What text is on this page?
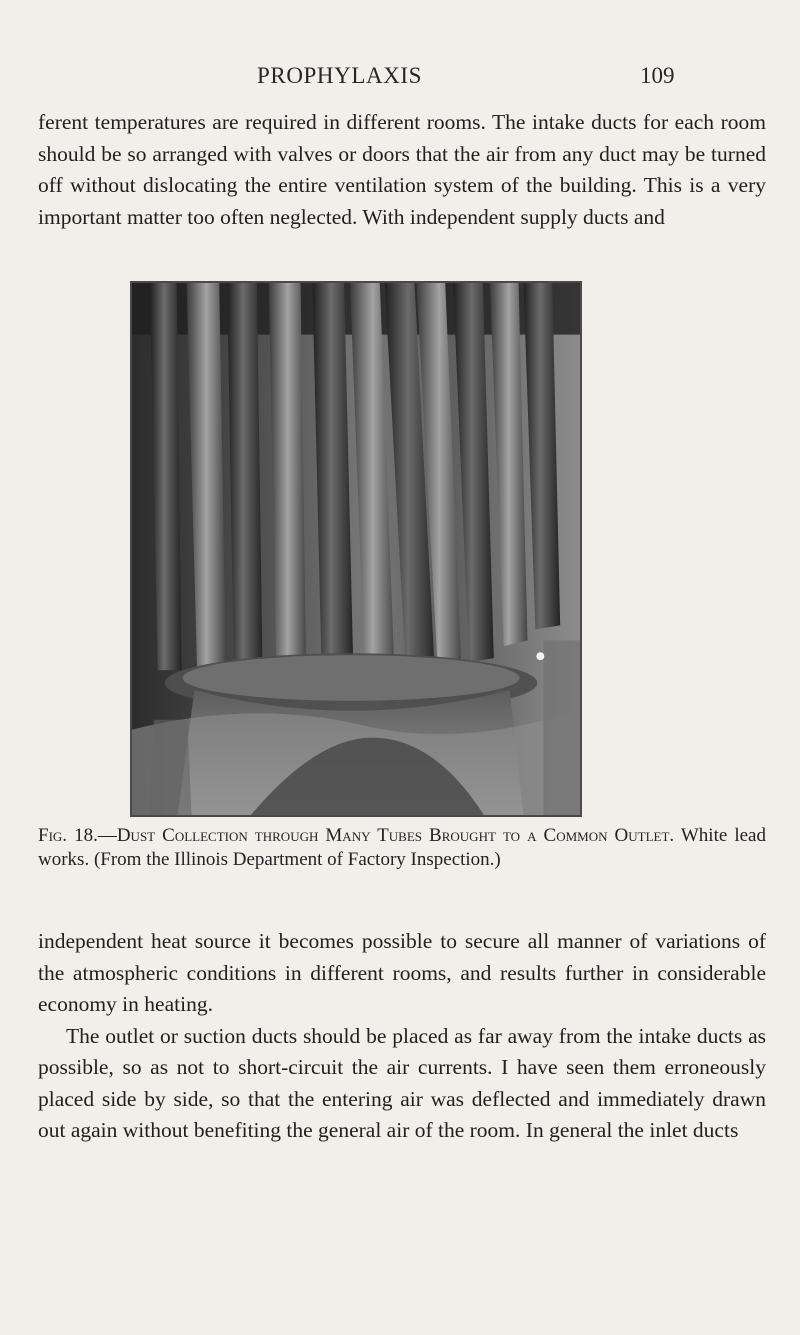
PROPHYLAXIS	109

ferent temperatures are required in different rooms. The intake ducts for each room should be so arranged with valves or doors that the air from any duct may be turned off without dislocating the entire ventilation system of the building. This is a very important matter too often neglected. With independent supply ducts and

Fig. 18.—Dust Collection through Many Tubes Brought to a Common Outlet. White lead works. (From the Illinois Department of Factory Inspection.)

independent heat source it becomes possible to secure all manner of variations of the atmospheric conditions in different rooms, and results further in considerable economy in heating.

The outlet or suction ducts should be placed as far away from the intake ducts as possible, so as not to short-circuit the air currents. I have seen them erroneously placed side by side, so that the entering air was deflected and immediately drawn out again without benefiting the general air of the room. In general the inlet ducts
